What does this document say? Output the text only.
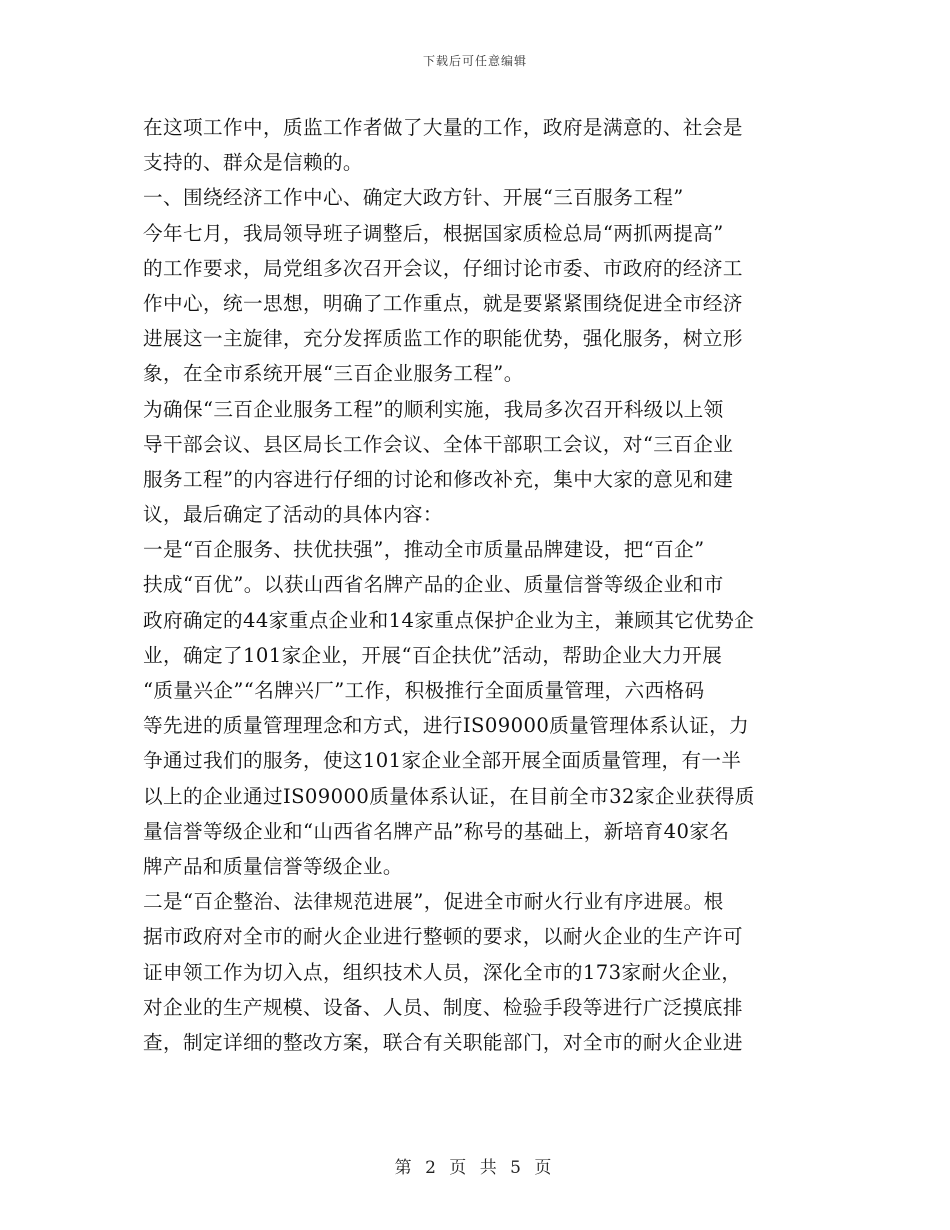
下载后可任意编辑
在这项工作中，质监工作者做了大量的工作，政府是满意的、社会是
支持的、群众是信赖的。
一、围绕经济工作中心、确定大政方针、开展“三百服务工程”
今年七月，我局领导班子调整后，根据国家质检总局“两抓两提高”
的工作要求，局党组多次召开会议，仔细讨论市委、市政府的经济工
作中心，统一思想，明确了工作重点，就是要紧紧围绕促进全市经济
进展这一主旋律，充分发挥质监工作的职能优势，强化服务，树立形
象，在全市系统开展“三百企业服务工程”。
为确保“三百企业服务工程”的顺利实施，我局多次召开科级以上领
导干部会议、县区局长工作会议、全体干部职工会议，对“三百企业
服务工程”的内容进行仔细的讨论和修改补充，集中大家的意见和建
议，最后确定了活动的具体内容：
一是“百企服务、扶优扶强”，推动全市质量品牌建设，把“百企”
扶成“百优”。以获山西省名牌产品的企业、质量信誉等级企业和市
政府确定的44家重点企业和14家重点保护企业为主，兼顾其它优势企
业，确定了101家企业，开展“百企扶优”活动，帮助企业大力开展
“质量兴企”“名牌兴厂”工作，积极推行全面质量管理，六西格码
等先进的质量管理理念和方式，进行IS09000质量管理体系认证，力
争通过我们的服务，使这101家企业全部开展全面质量管理，有一半
以上的企业通过IS09000质量体系认证，在目前全市32家企业获得质
量信誉等级企业和“山西省名牌产品”称号的基础上，新培育40家名
牌产品和质量信誉等级企业。
二是“百企整治、法律规范进展”，促进全市耐火行业有序进展。根
据市政府对全市的耐火企业进行整顿的要求，以耐火企业的生产许可
证申领工作为切入点，组织技术人员，深化全市的173家耐火企业，
对企业的生产规模、设备、人员、制度、检验手段等进行广泛摸底排
查，制定详细的整改方案，联合有关职能部门，对全市的耐火企业进
第 2 页 共 5 页
